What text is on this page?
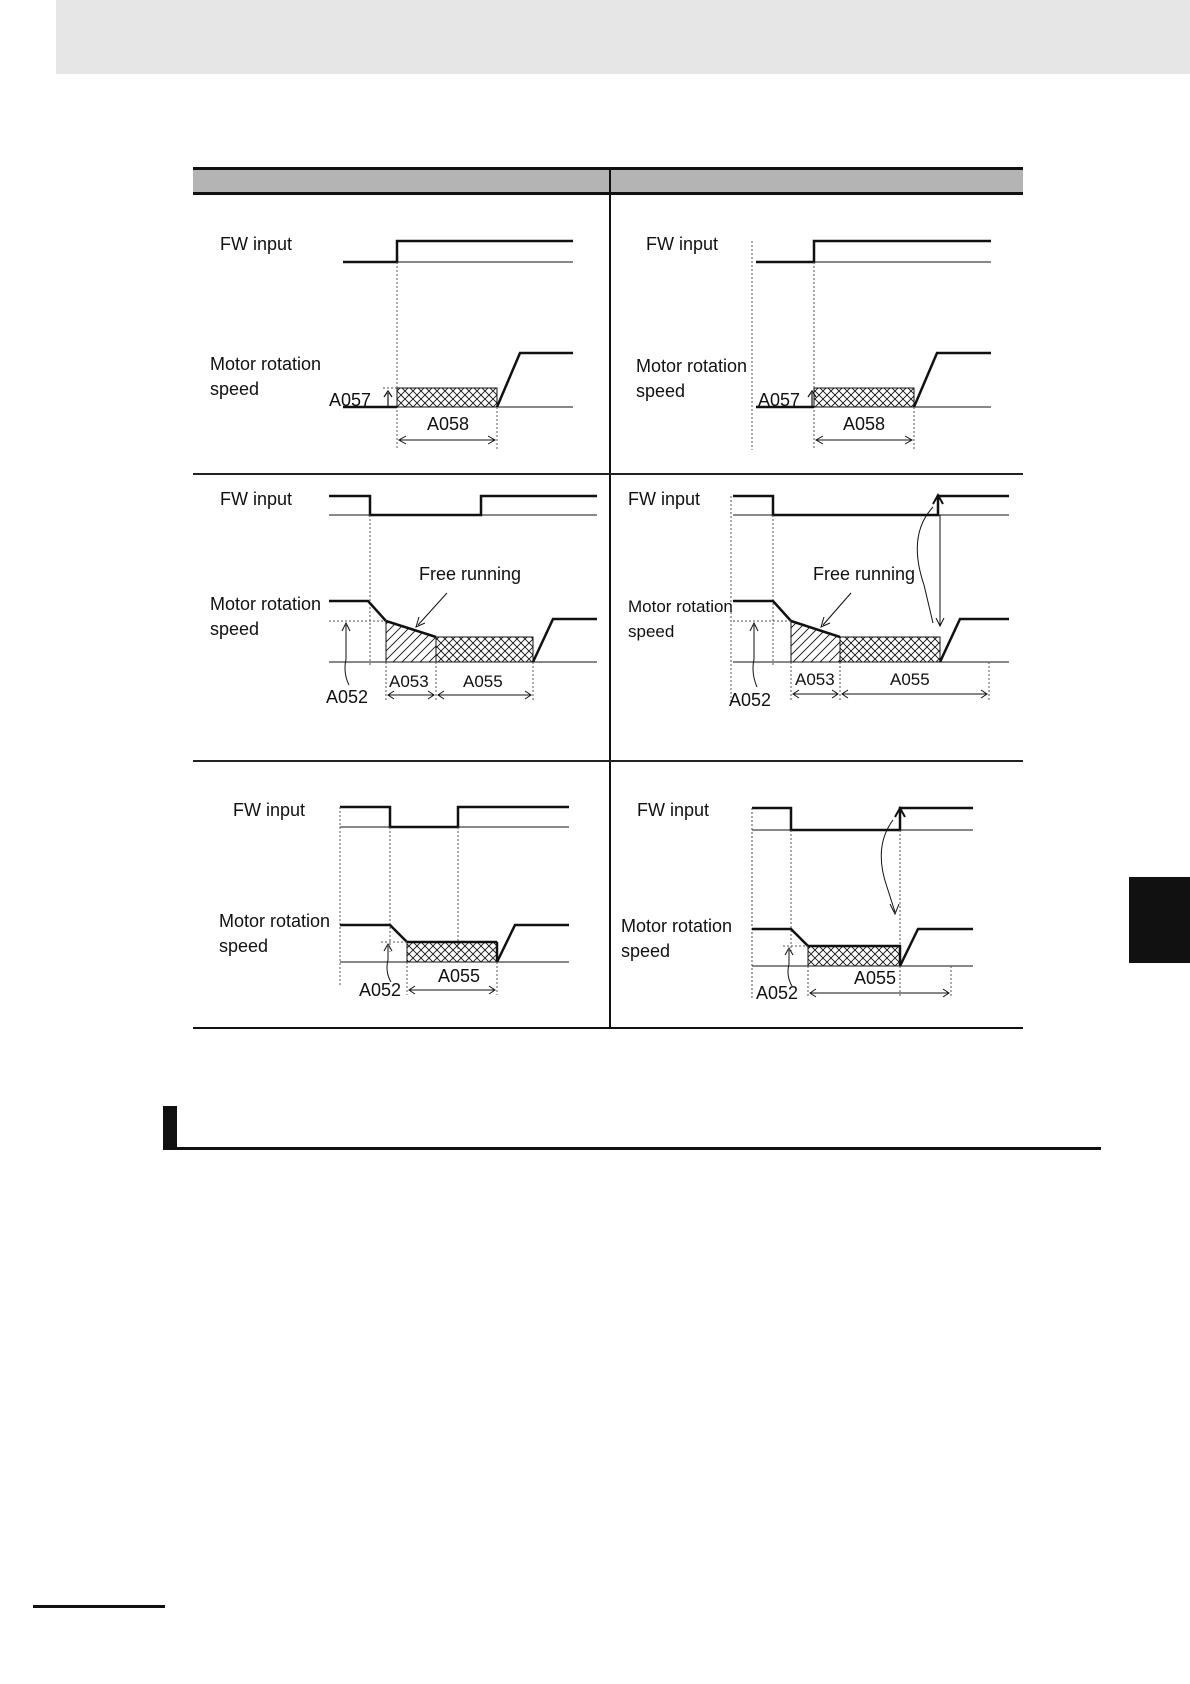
FW input
Motor rotation
speed
A057
A058
FW input
Motor rotation
speed	A057
A058
FW input
Free running
Motor rotation
speed
A052
A053 A055
FW input
Free running
Motor rotation
speed
A052
A053	A055
FW input
Motor rotation
speed
A052
A055
FW input
Motor rotation
speed
A052
A055
